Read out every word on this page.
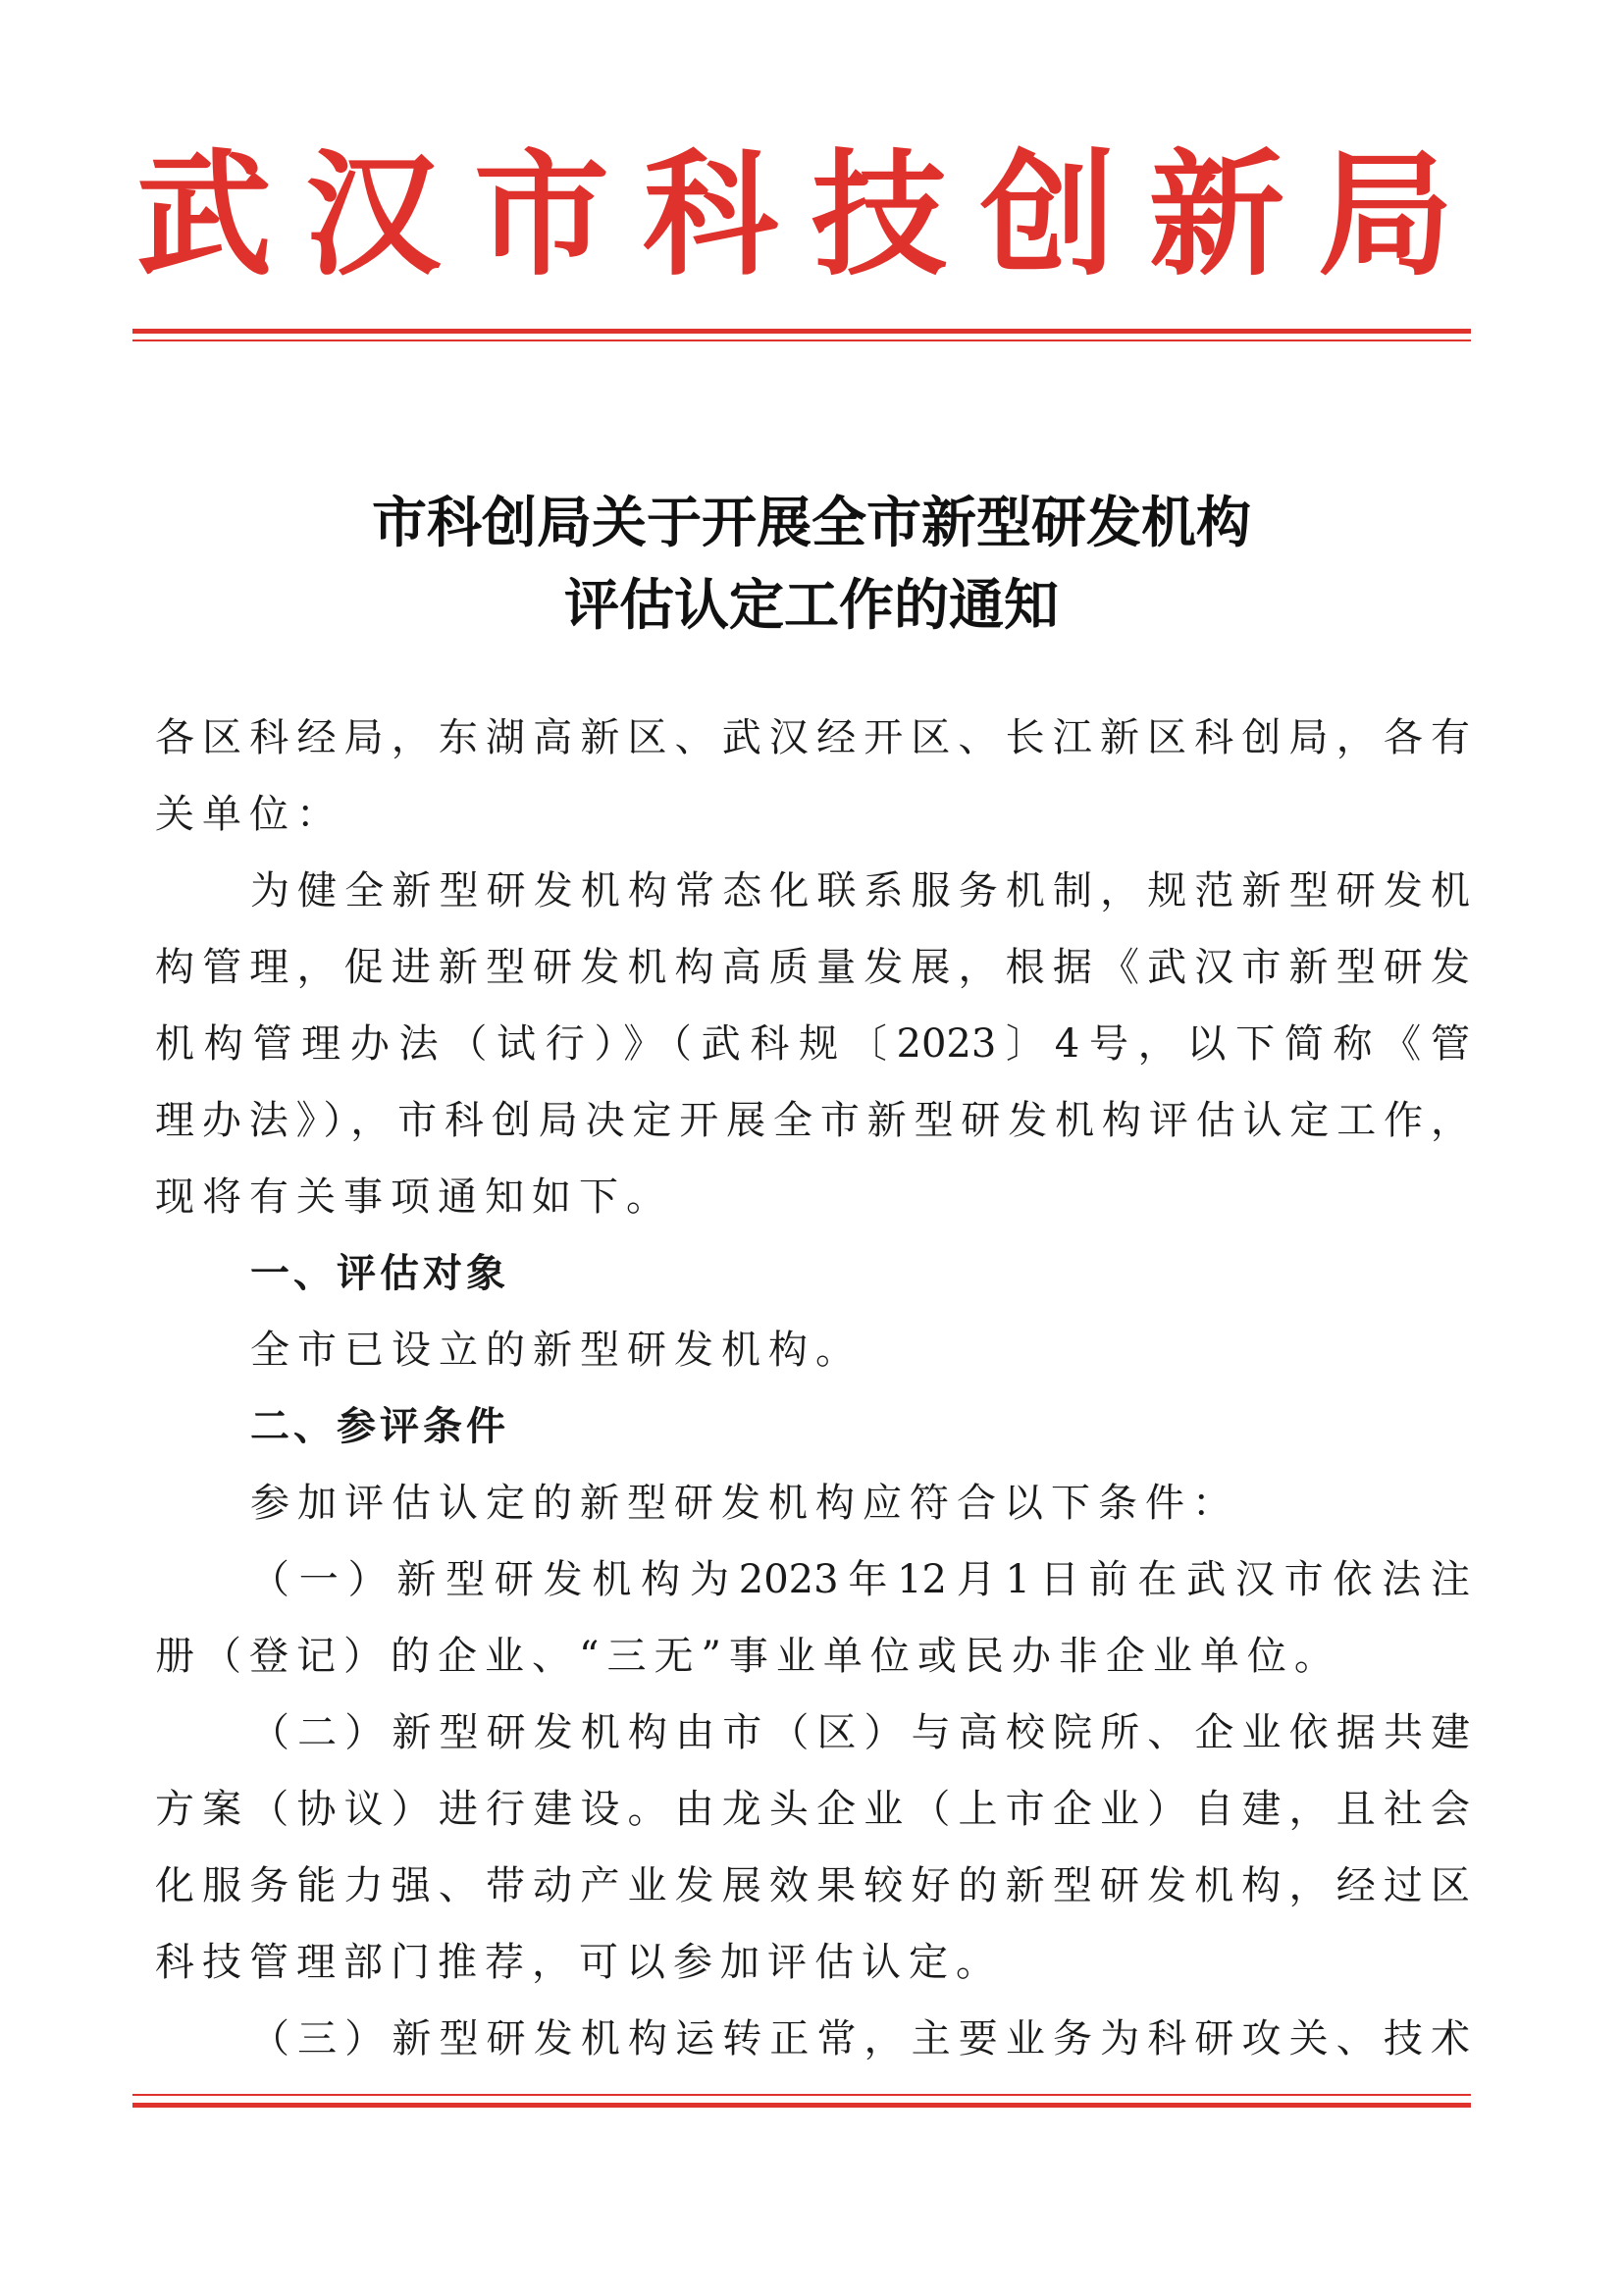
武汉市科技创新局
市科创局关于开展全市新型研发机构
评估认定工作的通知
各区科经局，东湖高新区、武汉经开区、长江新区科创局，各有
关单位：
为健全新型研发机构常态化联系服务机制，规范新型研发机
构管理，促进新型研发机构高质量发展，根据《武汉市新型研发
机构管理办法（试行）》（武科规〔2023〕4号，以下简称《管
理办法》），市科创局决定开展全市新型研发机构评估认定工作，
现将有关事项通知如下。
一、评估对象
全市已设立的新型研发机构。
二、参评条件
参加评估认定的新型研发机构应符合以下条件：
（一）新型研发机构为2023年12月1日前在武汉市依法注
册（登记）的企业、“三无”事业单位或民办非企业单位。
（二）新型研发机构由市（区）与高校院所、企业依据共建
方案（协议）进行建设。由龙头企业（上市企业）自建，且社会
化服务能力强、带动产业发展效果较好的新型研发机构，经过区
科技管理部门推荐，可以参加评估认定。
（三）新型研发机构运转正常，主要业务为科研攻关、技术
